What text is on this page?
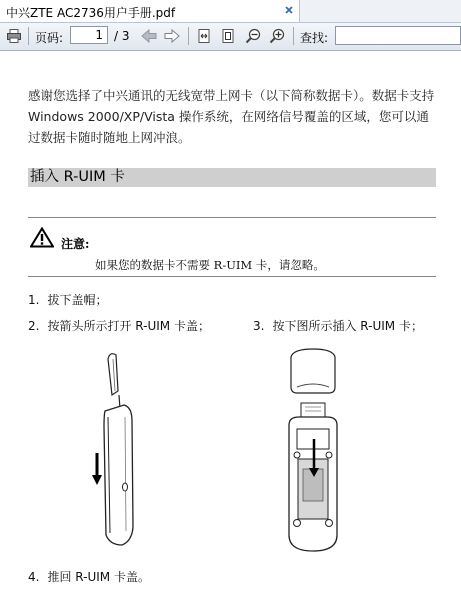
中兴ZTE AC2736用户手册.pdf
页码:	1 / 3	查找:
感谢您选择了中兴通讯的无线宽带上网卡（以下简称数据卡）。数据卡支持 Windows 2000/XP/Vista 操作系统，在网络信号覆盖的区域，您可以通过数据卡随时随地上网冲浪。
插入 R-UIM 卡
注意:
如果您的数据卡不需要 R-UIM 卡，请忽略。
1. 拔下盖帽；
2. 按箭头所示打开 R-UIM 卡盖；	3. 按下图所示插入 R-UIM 卡；
4. 推回 R-UIM 卡盖。
